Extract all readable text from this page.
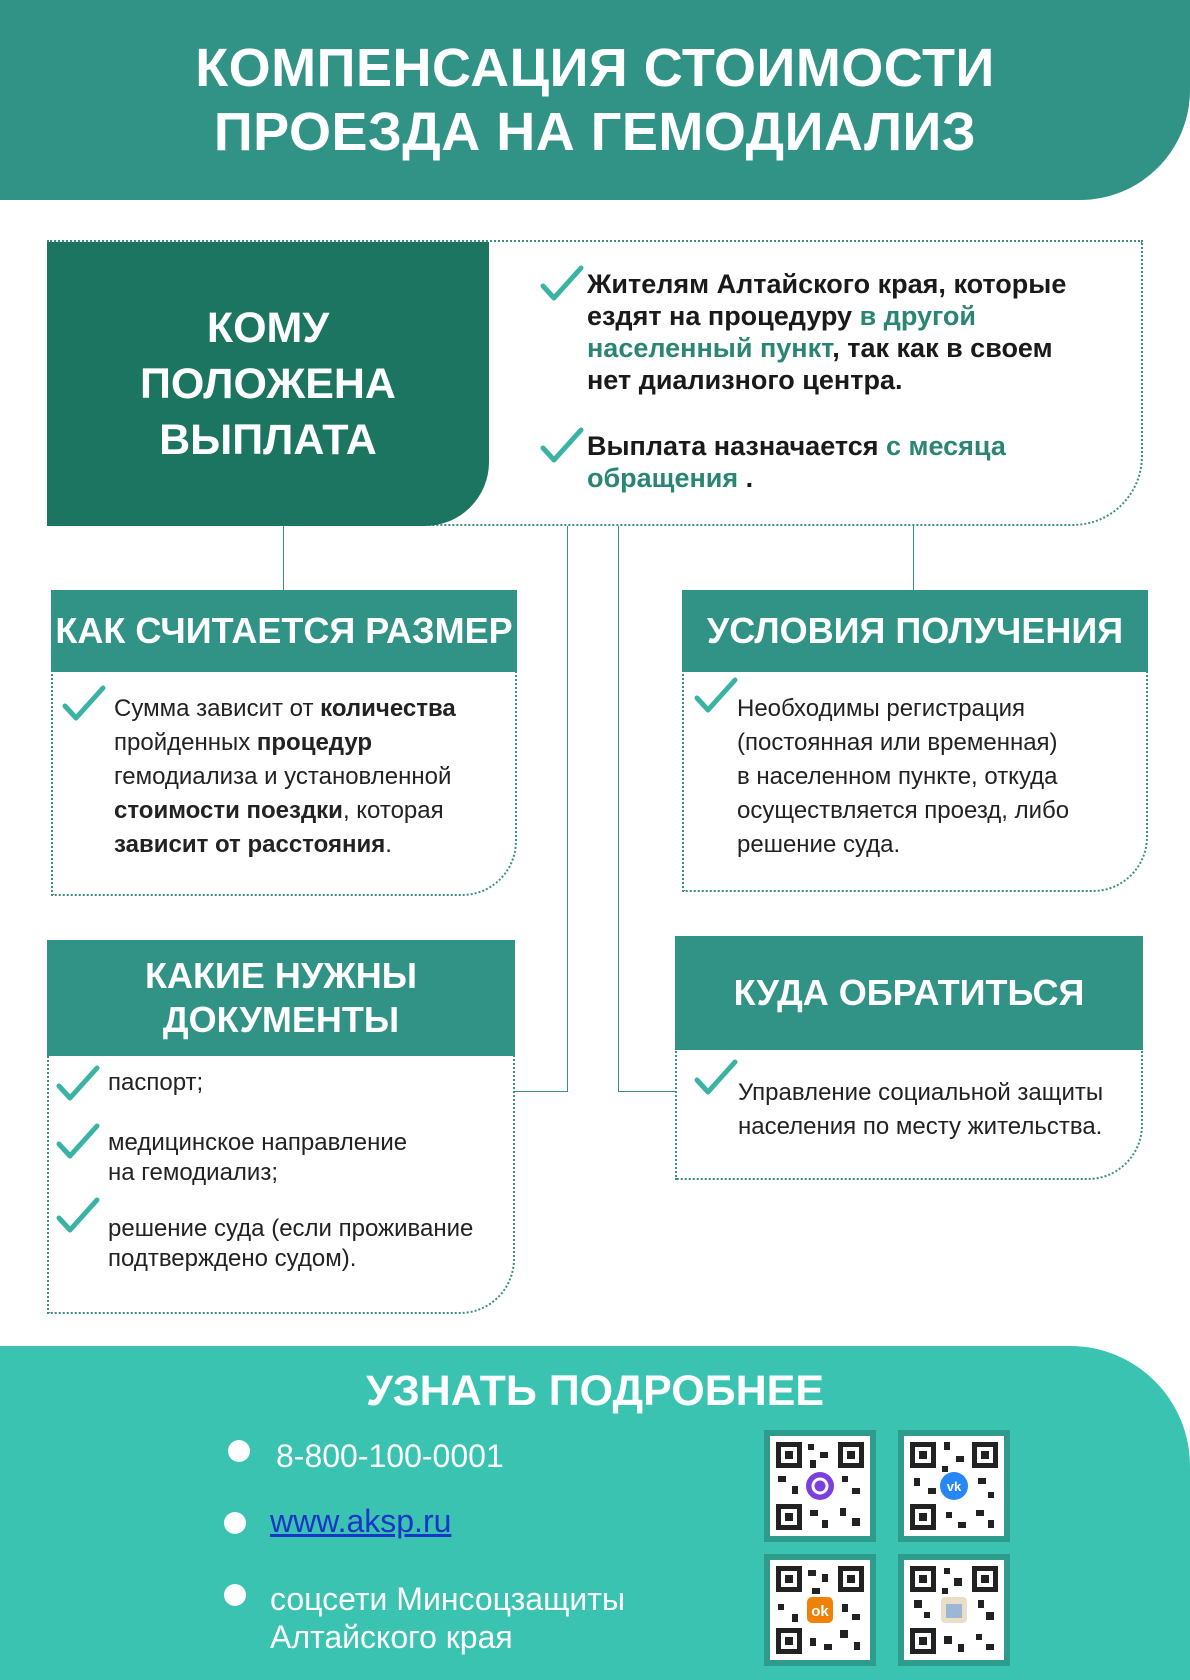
КОМПЕНСАЦИЯ СТОИМОСТИ
ПРОЕЗДА НА ГЕМОДИАЛИЗ
КОМУ
ПОЛОЖЕНА
ВЫПЛАТА
Жителям Алтайского края, которые
ездят на процедуру в другой
населенный пункт, так как в своем
нет диализного центра.
Выплата назначается с месяца
обращения .
КАК СЧИТАЕТСЯ РАЗМЕР
Сумма зависит от количества
пройденных процедур
гемодиализа и установленной
стоимости поездки, которая
зависит от расстояния.
УСЛОВИЯ ПОЛУЧЕНИЯ
Необходимы регистрация
(постоянная или временная)
в населенном пункте, откуда
осуществляется проезд, либо
решение суда.
КАКИЕ НУЖНЫ
ДОКУМЕНТЫ
паспорт;
медицинское направление
на гемодиализ;
решение суда (если проживание
подтверждено судом).
КУДА ОБРАТИТЬСЯ
Управление социальной защиты
населения по месту жительства.
УЗНАТЬ ПОДРОБНЕЕ
8-800-100-0001
www.aksp.ru
соцсети Минсоцзащиты
Алтайского края
vk
ok
